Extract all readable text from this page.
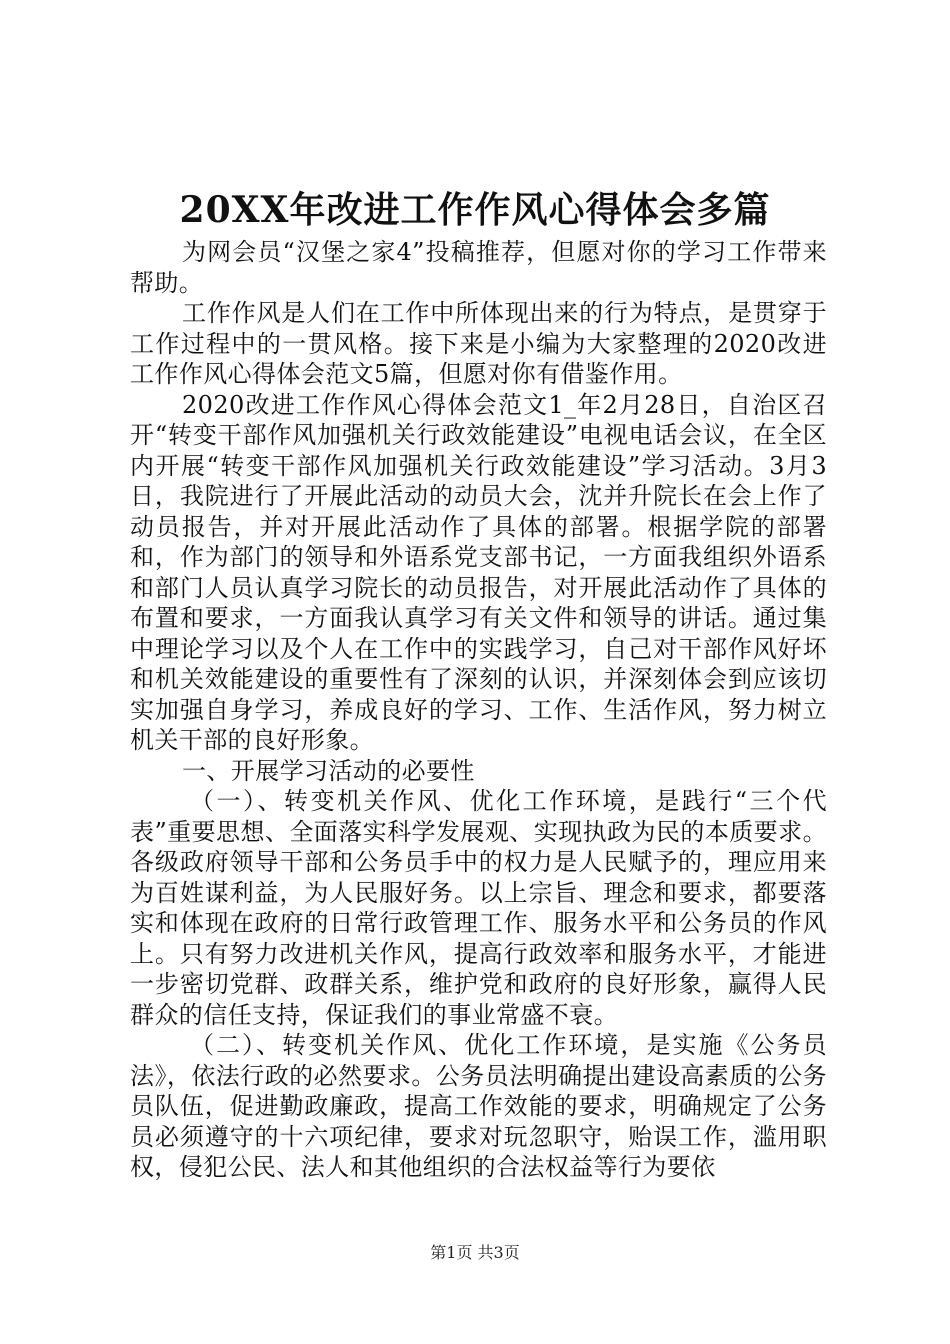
20XX年改进工作作风心得体会多篇

为网会员“汉堡之家4”投稿推荐，但愿对你的学习工作带来帮助。

工作作风是人们在工作中所体现出来的行为特点，是贯穿于工作过程中的一贯风格。接下来是小编为大家整理的2020改进工作作风心得体会范文5篇，但愿对你有借鉴作用。

2020改进工作作风心得体会范文1_年2月28日，自治区召开“转变干部作风加强机关行政效能建设”电视电话会议，在全区内开展“转变干部作风加强机关行政效能建设”学习活动。3月3日，我院进行了开展此活动的动员大会，沈并升院长在会上作了动员报告，并对开展此活动作了具体的部署。根据学院的部署和，作为部门的领导和外语系党支部书记，一方面我组织外语系和部门人员认真学习院长的动员报告，对开展此活动作了具体的布置和要求，一方面我认真学习有关文件和领导的讲话。通过集中理论学习以及个人在工作中的实践学习，自己对干部作风好坏和机关效能建设的重要性有了深刻的认识，并深刻体会到应该切实加强自身学习，养成良好的学习、工作、生活作风，努力树立机关干部的良好形象。

一、开展学习活动的必要性

（一）、转变机关作风、优化工作环境，是践行“三个代表”重要思想、全面落实科学发展观、实现执政为民的本质要求。各级政府领导干部和公务员手中的权力是人民赋予的，理应用来为百姓谋利益，为人民服好务。以上宗旨、理念和要求，都要落实和体现在政府的日常行政管理工作、服务水平和公务员的作风上。只有努力改进机关作风，提高行政效率和服务水平，才能进一步密切党群、政群关系，维护党和政府的良好形象，赢得人民群众的信任支持，保证我们的事业常盛不衰。

（二）、转变机关作风、优化工作环境，是实施《公务员法》，依法行政的必然要求。公务员法明确提出建设高素质的公务员队伍，促进勤政廉政，提高工作效能的要求，明确规定了公务员必须遵守的十六项纪律，要求对玩忽职守，贻误工作，滥用职权，侵犯公民、法人和其他组织的合法权益等行为要依

第1页 共3页
